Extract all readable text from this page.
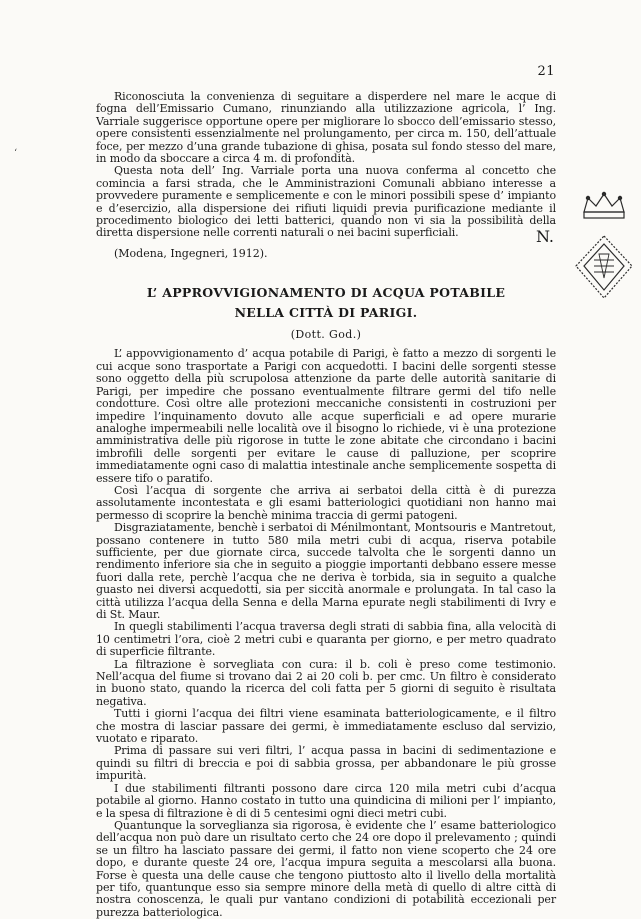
21
‘

Riconosciuta la convenienza di seguitare a disperdere nel mare le acque di fogna dell’Emissario Cumano, rinunziando alla utilizzazione agricola, l’ Ing. Varriale suggerisce opportune opere per migliorare lo sbocco dell’emissario stesso, opere consistenti essenzialmente nel prolungamento, per circa m. 150, dell’attuale foce, per mezzo d’una grande tubazione di ghisa, posata sul fondo stesso del mare, in modo da sboccare a circa 4 m. di profondità.

Questa nota dell’ Ing. Varriale porta una nuova conferma al concetto che comincia a farsi strada, che le Amministrazioni Comunali abbiano interesse a provvedere puramente e semplicemente e con le minori possibili spese d’ impianto e d’esercizio, alla dispersione dei rifiuti liquidi previa purificazione mediante il procedimento biologico dei letti batterici, quando non vi sia la possibilità della diretta dispersione nelle correnti naturali o nei bacini superficiali.	N.
(Modena, Ingegneri, 1912).
L’ APPROVVIGIONAMENTO DI ACQUA POTABILE
NELLA CITTÀ DI PARIGI.
(Dott. God.)

L’ appovvigionamento d’ acqua potabile di Parigi, è fatto a mezzo di sorgenti le cui acque sono trasportate a Parigi con acquedotti. I bacini delle sorgenti stesse sono oggetto della più scrupolosa attenzione da parte delle autorità sanitarie di Parigi, per impedire che possano eventualmente filtrare germi del tifo nelle condotture. Così oltre alle protezioni meccaniche consistenti in costruzioni per impedire l’inquinamento dovuto alle acque superficiali e ad opere murarie analoghe impermeabili nelle località ove il bisogno lo richiede, vi è una protezione amministrativa delle più rigorose in tutte le zone abitate che circondano i bacini imbrofili delle sorgenti per evitare le cause di palluzione, per scoprire immediatamente ogni caso di malattia intestinale anche semplicemente sospetta di essere tifo o paratifo.

Così l’acqua di sorgente che arriva ai serbatoi della città è di purezza assolutamente incontestata e gli esami batteriologici quotidiani non hanno mai permesso di scoprire la benchè minima traccia di germi patogeni.

Disgraziatamente, benchè i serbatoi di Ménilmontant, Montsouris e Mantretout, possano contenere in tutto 580 mila metri cubi di acqua, riserva potabile sufficiente, per due giornate circa, succede talvolta che le sorgenti danno un rendimento inferiore sia che in seguito a pioggie importanti debbano essere messe fuori dalla rete, perchè l’acqua che ne deriva è torbida, sia in seguito a qualche guasto nei diversi acquedotti, sia per siccità anormale e prolungata. In tal caso la città utilizza l’acqua della Senna e della Marna epurate negli stabilimenti di Ivry e di St. Maur.

In quegli stabilimenti l’acqua traversa degli strati di sabbia fina, alla velocità di 10 centimetri l’ora, cioè 2 metri cubi e quaranta per giorno, e per metro quadrato di superficie filtrante.

La filtrazione è sorvegliata con cura: il b. coli è preso come testimonio. Nell’acqua del fiume si trovano dai 2 ai 20 coli b. per cmc. Un filtro è considerato in buono stato, quando la ricerca del coli fatta per 5 giorni di seguito è risultata negativa.

Tutti i giorni l’acqua dei filtri viene esaminata batteriologicamente, e il filtro che mostra di lasciar passare dei germi, è immediatamente escluso dal servizio, vuotato e riparato.

Prima di passare sui veri filtri, l’ acqua passa in bacini di sedimentazione e quindi su filtri di breccia e poi di sabbia grossa, per abbandonare le più grosse impurità.

I due stabilimenti filtranti possono dare circa 120 mila metri cubi d’acqua potabile al giorno. Hanno costato in tutto una quindicina di milioni per l’ impianto, e la spesa di filtrazione è di di 5 centesimi ogni dieci metri cubi.

Quantunque la sorveglianza sia rigorosa, è evidente che l’ esame batteriologico dell’acqua non può dare un risultato certo che 24 ore dopo il prelevamento ; quindi se un filtro ha lasciato passare dei germi, il fatto non viene scoperto che 24 ore dopo, e durante queste 24 ore, l’acqua impura seguita a mescolarsi alla buona. Forse è questa una delle cause che tengono piuttosto alto il livello della mortalità per tifo, quantunque esso sia sempre minore della metà di quello di altre città di nostra conoscenza, le quali pur vantano condizioni di potabilità eccezionali per purezza batteriologica.
